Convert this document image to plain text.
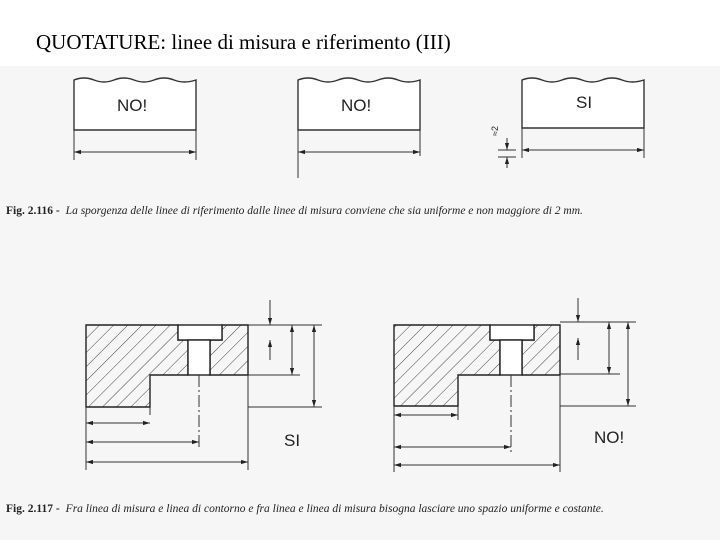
QUOTATURE: linee di misura e riferimento (III)
NO!	NO!	SI
≈2
SI	NO!
Fig. 2.116 - La sporgenza delle linee di riferimento dalle linee di misura conviene che sia uniforme e non maggiore di 2 mm.
Fig. 2.117 - Fra linea di misura e linea di contorno e fra linea e linea di misura bisogna lasciare uno spazio uniforme e costante.
